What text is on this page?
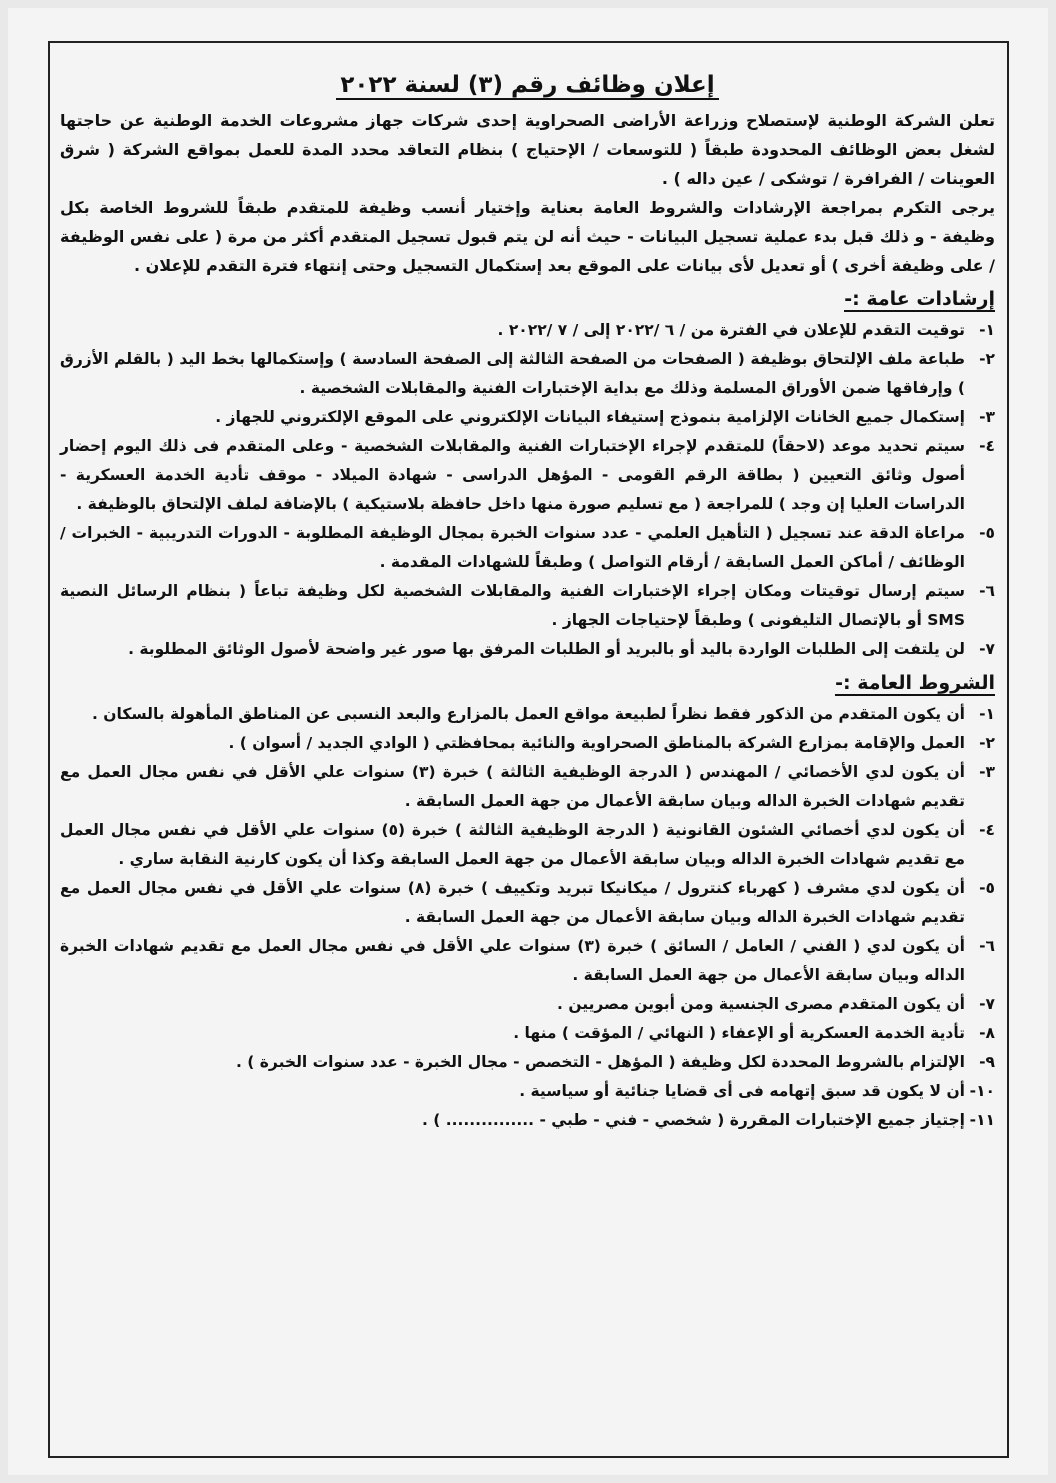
إعلان وظائف رقم (٣) لسنة ٢٠٢٢

تعلن الشركة الوطنية لإستصلاح وزراعة الأراضى الصحراوية إحدى شركات جهاز مشروعات الخدمة الوطنية عن حاجتها لشغل بعض الوظائف المحدودة طبقاً ( للتوسعات / الإحتياج ) بنظام التعاقد محدد المدة للعمل بمواقع الشركة ( شرق العوينات / الفرافرة / توشكى / عين داله ) .

يرجى التكرم بمراجعة الإرشادات والشروط العامة بعناية وإختيار أنسب وظيفة للمتقدم طبقاً للشروط الخاصة بكل وظيفة - و ذلك قبل بدء عملية تسجيل البيانات - حيث أنه لن يتم قبول تسجيل المتقدم أكثر من مرة ( على نفس الوظيفة / على وظيفة أخرى ) أو تعديل لأى بيانات على الموقع بعد إستكمال التسجيل وحتى إنتهاء فترة التقدم للإعلان .

إرشادات عامة :-
١-
توقيت التقدم للإعلان في الفترة من / ٦ /٢٠٢٢ إلى / ٧ /٢٠٢٢ .
٢-
طباعة ملف الإلتحاق بوظيفة ( الصفحات من الصفحة الثالثة إلى الصفحة السادسة ) وإستكمالها بخط اليد ( بالقلم الأزرق ) وإرفاقها ضمن الأوراق المسلمة وذلك مع بداية الإختبارات الفنية والمقابلات الشخصية .
٣-
إستكمال جميع الخانات الإلزامية بنموذج إستيفاء البيانات الإلكتروني على الموقع الإلكتروني للجهاز .
٤-
سيتم تحديد موعد (لاحقاً) للمتقدم لإجراء الإختبارات الفنية والمقابلات الشخصية - وعلى المتقدم فى ذلك اليوم إحضار أصول وثائق التعيين ( بطاقة الرقم القومى - المؤهل الدراسى - شهادة الميلاد - موقف تأدية الخدمة العسكرية - الدراسات العليا إن وجد ) للمراجعة ( مع تسليم صورة منها داخل حافظة بلاستيكية ) بالإضافة لملف الإلتحاق بالوظيفة .
٥-
مراعاة الدقة عند تسجيل ( التأهيل العلمي - عدد سنوات الخبرة بمجال الوظيفة المطلوبة - الدورات التدريبية - الخبرات / الوظائف / أماكن العمل السابقة / أرقام التواصل ) وطبقاً للشهادات المقدمة .
٦-
سيتم إرسال توقيتات ومكان إجراء الإختبارات الفنية والمقابلات الشخصية لكل وظيفة تباعاً ( بنظام الرسائل النصية SMS أو بالإتصال التليفونى ) وطبقاً لإحتياجات الجهاز .
٧-
لن يلتفت إلى الطلبات الواردة باليد أو بالبريد أو الطلبات المرفق بها صور غير واضحة لأصول الوثائق المطلوبة .
الشروط العامة :-
١-
أن يكون المتقدم من الذكور فقط نظراً لطبيعة مواقع العمل بالمزارع والبعد النسبى عن المناطق المأهولة بالسكان .
٢-
العمل والإقامة بمزارع الشركة بالمناطق الصحراوية والنائية بمحافظتي ( الوادي الجديد / أسوان ) .
٣-
أن يكون لدي الأخصائي / المهندس ( الدرجة الوظيفية الثالثة ) خبرة (٣) سنوات علي الأقل في نفس مجال العمل مع تقديم شهادات الخبرة الداله وبيان سابقة الأعمال من جهة العمل السابقة .
٤-
أن يكون لدي أخصائي الشئون القانونية ( الدرجة الوظيفية الثالثة ) خبرة (٥) سنوات علي الأقل في نفس مجال العمل مع تقديم شهادات الخبرة الداله وبيان سابقة الأعمال من جهة العمل السابقة وكذا أن يكون كارنية النقابة ساري .
٥-
أن يكون لدي مشرف ( كهرباء كنترول / ميكانيكا تبريد وتكييف ) خبرة (٨) سنوات علي الأقل في نفس مجال العمل مع تقديم شهادات الخبرة الداله وبيان سابقة الأعمال من جهة العمل السابقة .
٦-
أن يكون لدي ( الفني / العامل / السائق ) خبرة (٣) سنوات علي الأقل في نفس مجال العمل مع تقديم شهادات الخبرة الداله وبيان سابقة الأعمال من جهة العمل السابقة .
٧-
أن يكون المتقدم مصرى الجنسية ومن أبوين مصريين .
٨-
تأدية الخدمة العسكرية أو الإعفاء ( النهائي / المؤقت ) منها .
٩-
الإلتزام بالشروط المحددة لكل وظيفة ( المؤهل - التخصص - مجال الخبرة - عدد سنوات الخبرة ) .
١٠-
أن لا يكون قد سبق إتهامه فى أى قضايا جنائية أو سياسية .
١١-
إجتياز جميع الإختبارات المقررة ( شخصي - فني - طبي - ............... ) .
